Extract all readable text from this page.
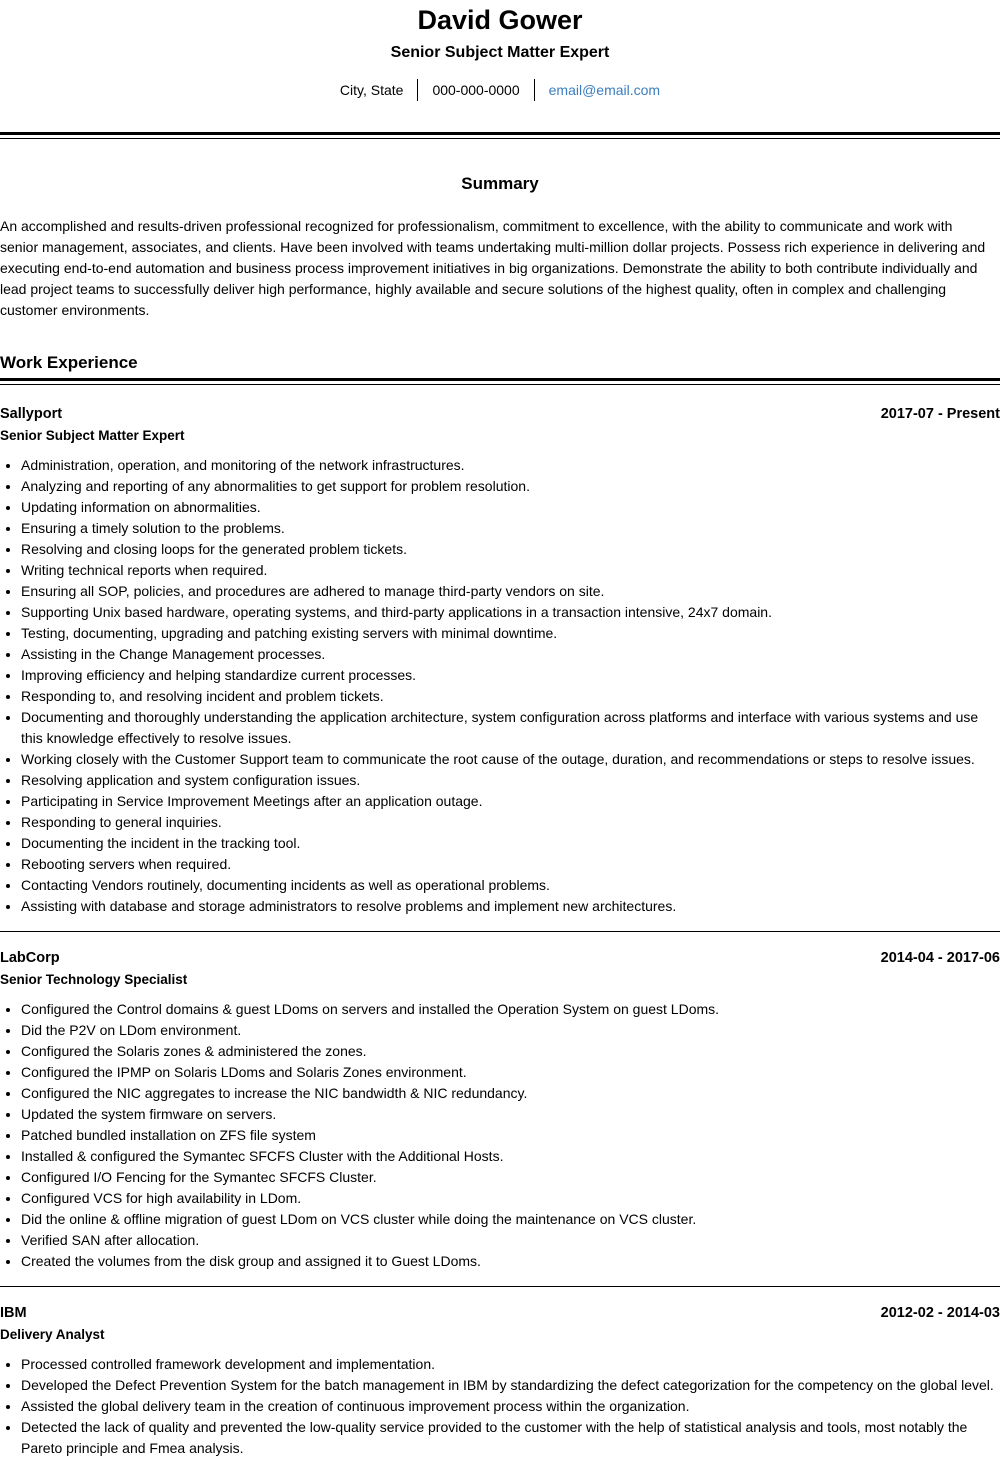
David Gower
Senior Subject Matter Expert
City, State	000-000-0000	email@email.com
Summary
An accomplished and results-driven professional recognized for professionalism, commitment to excellence, with the ability to communicate and work with senior management, associates, and clients. Have been involved with teams undertaking multi-million dollar projects. Possess rich experience in delivering and executing end-to-end automation and business process improvement initiatives in big organizations. Demonstrate the ability to both contribute individually and lead project teams to successfully deliver high performance, highly available and secure solutions of the highest quality, often in complex and challenging customer environments.
Work Experience
Sallyport	2017-07 - Present
Senior Subject Matter Expert
• Administration, operation, and monitoring of the network infrastructures.
• Analyzing and reporting of any abnormalities to get support for problem resolution.
• Updating information on abnormalities.
• Ensuring a timely solution to the problems.
• Resolving and closing loops for the generated problem tickets.
• Writing technical reports when required.
• Ensuring all SOP, policies, and procedures are adhered to manage third-party vendors on site.
• Supporting Unix based hardware, operating systems, and third-party applications in a transaction intensive, 24x7 domain.
• Testing, documenting, upgrading and patching existing servers with minimal downtime.
• Assisting in the Change Management processes.
• Improving efficiency and helping standardize current processes.
• Responding to, and resolving incident and problem tickets.
• Documenting and thoroughly understanding the application architecture, system configuration across platforms and interface with various systems and use this knowledge effectively to resolve issues.
• Working closely with the Customer Support team to communicate the root cause of the outage, duration, and recommendations or steps to resolve issues.
• Resolving application and system configuration issues.
• Participating in Service Improvement Meetings after an application outage.
• Responding to general inquiries.
• Documenting the incident in the tracking tool.
• Rebooting servers when required.
• Contacting Vendors routinely, documenting incidents as well as operational problems.
• Assisting with database and storage administrators to resolve problems and implement new architectures.
LabCorp	2014-04 - 2017-06
Senior Technology Specialist
• Configured the Control domains & guest LDoms on servers and installed the Operation System on guest LDoms.
• Did the P2V on LDom environment.
• Configured the Solaris zones & administered the zones.
• Configured the IPMP on Solaris LDoms and Solaris Zones environment.
• Configured the NIC aggregates to increase the NIC bandwidth & NIC redundancy.
• Updated the system firmware on servers.
• Patched bundled installation on ZFS file system
• Installed & configured the Symantec SFCFS Cluster with the Additional Hosts.
• Configured I/O Fencing for the Symantec SFCFS Cluster.
• Configured VCS for high availability in LDom.
• Did the online & offline migration of guest LDom on VCS cluster while doing the maintenance on VCS cluster.
• Verified SAN after allocation.
• Created the volumes from the disk group and assigned it to Guest LDoms.
IBM	2012-02 - 2014-03
Delivery Analyst
• Processed controlled framework development and implementation.
• Developed the Defect Prevention System for the batch management in IBM by standardizing the defect categorization for the competency on the global level.
• Assisted the global delivery team in the creation of continuous improvement process within the organization.
• Detected the lack of quality and prevented the low-quality service provided to the customer with the help of statistical analysis and tools, most notably the Pareto principle and Fmea analysis.
